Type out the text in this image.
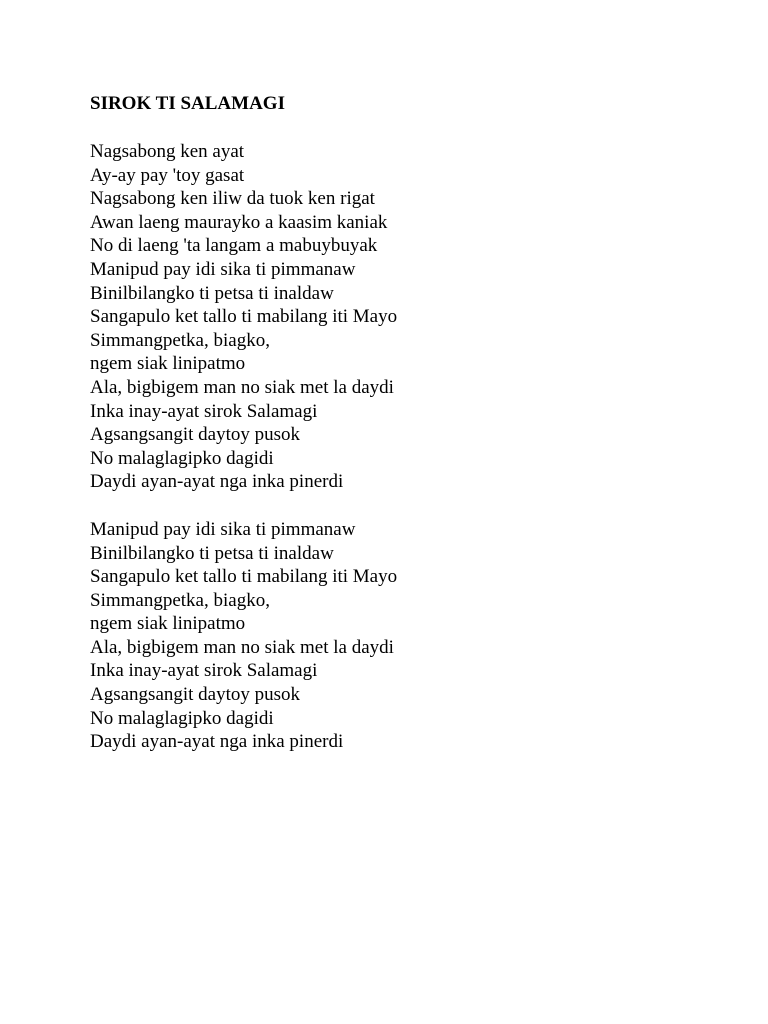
SIROK TI SALAMAGI
Nagsabong ken ayat
Ay-ay pay 'toy gasat
Nagsabong ken iliw da tuok ken rigat
Awan laeng maurayko a kaasim kaniak
No di laeng 'ta langam a mabuybuyak
Manipud pay idi sika ti pimmanaw
Binilbilangko ti petsa ti inaldaw
Sangapulo ket tallo ti mabilang iti Mayo
Simmangpetka, biagko,
ngem siak linipatmo
Ala, bigbigem man no siak met la daydi
Inka inay-ayat sirok Salamagi
Agsangsangit daytoy pusok
No malaglagipko dagidi
Daydi ayan-ayat nga inka pinerdi
Manipud pay idi sika ti pimmanaw
Binilbilangko ti petsa ti inaldaw
Sangapulo ket tallo ti mabilang iti Mayo
Simmangpetka, biagko,
ngem siak linipatmo
Ala, bigbigem man no siak met la daydi
Inka inay-ayat sirok Salamagi
Agsangsangit daytoy pusok
No malaglagipko dagidi
Daydi ayan-ayat nga inka pinerdi
